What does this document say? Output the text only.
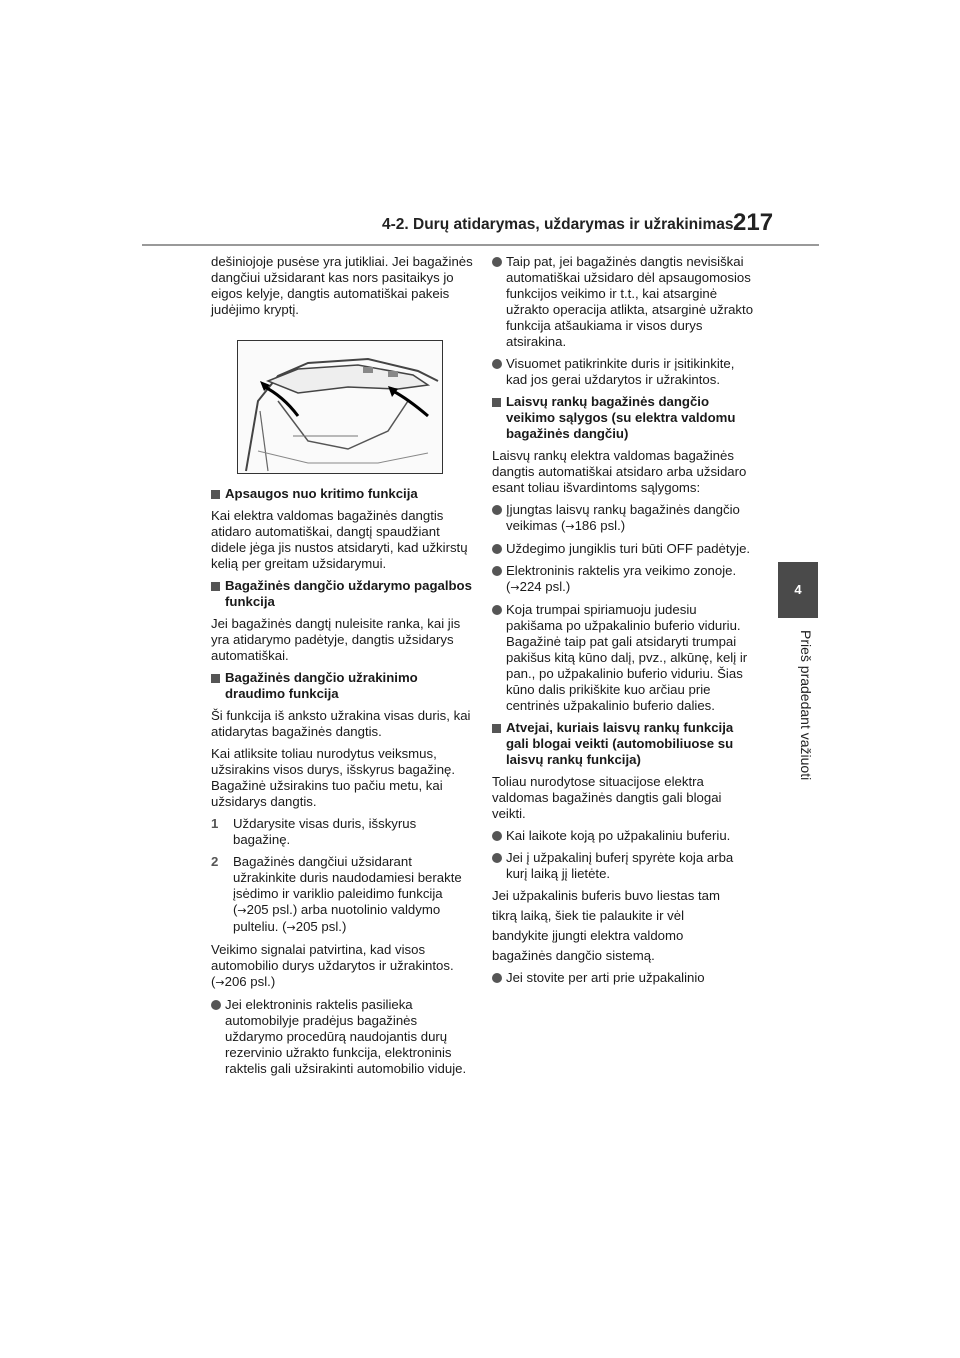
4-2. Durų atidarymas, uždarymas ir užrakinimas 217
4
Prieš pradedant važiuoti

dešiniojoje pusėse yra jutikliai. Jei bagažinės dangčiui užsidarant kas nors pasitaikys jo eigos kelyje, dangtis automatiškai pakeis judėjimo kryptį.

Apsaugos nuo kritimo funkcija

Kai elektra valdomas bagažinės dangtis atidaro automatiškai, dangtį spaudžiant didele jėga jis nustos atsidaryti, kad užkirstų kelią per greitam užsidarymui.

Bagažinės dangčio uždarymo pagalbos funkcija

Jei bagažinės dangtį nuleisite ranka, kai jis yra atidarymo padėtyje, dangtis užsidarys automatiškai.

Bagažinės dangčio užrakinimo draudimo funkcija

Ši funkcija iš anksto užrakina visas duris, kai atidarytas bagažinės dangtis.

Kai atliksite toliau nurodytus veiksmus, užsirakins visos durys, išskyrus bagažinę. Bagažinė užsirakins tuo pačiu metu, kai užsidarys dangtis.

1 Uždarysite visas duris, išskyrus bagažinę.
2 Bagažinės dangčiui užsidarant užrakinkite duris naudodamiesi berakte įsėdimo ir variklio paleidimo funkcija (→205 psl.) arba nuotolinio valdymo pulteliu. (→205 psl.)

Veikimo signalai patvirtina, kad visos automobilio durys uždarytos ir užrakintos. (→206 psl.)

Jei elektroninis raktelis pasilieka automobilyje pradėjus bagažinės uždarymo procedūrą naudojantis durų rezervinio užrakto funkcija, elektroninis raktelis gali užsirakinti automobilio viduje.
Taip pat, jei bagažinės dangtis nevisiškai automatiškai užsidaro dėl apsaugomosios funkcijos veikimo ir t.t., kai atsarginė užrakto operacija atlikta, atsarginė užrakto funkcija atšaukiama ir visos durys atsirakina.
Visuomet patikrinkite duris ir įsitikinkite, kad jos gerai uždarytos ir užrakintos.
Laisvų rankų bagažinės dangčio veikimo sąlygos (su elektra valdomu bagažinės dangčiu)

Laisvų rankų elektra valdomas bagažinės dangtis automatiškai atsidaro arba užsidaro esant toliau išvardintoms sąlygoms:

Įjungtas laisvų rankų bagažinės dangčio veikimas (→186 psl.)
Uždegimo jungiklis turi būti OFF padėtyje.
Elektroninis raktelis yra veikimo zonoje. (→224 psl.)
Koja trumpai spiriamuoju judesiu pakišama po užpakalinio buferio viduriu.
Bagažinė taip pat gali atsidaryti trumpai pakišus kitą kūno dalį, pvz., alkūnę, kelį ir pan., po užpakalinio buferio viduriu. Šias kūno dalis prikiškite kuo arčiau prie centrinės užpakalinio buferio dalies.
Atvejai, kuriais laisvų rankų funkcija gali blogai veikti (automobiliuose su laisvų rankų funkcija)

Toliau nurodytose situacijose elektra valdomas bagažinės dangtis gali blogai veikti.

Kai laikote koją po užpakaliniu buferiu.
Jei į užpakalinį buferį spyrėte koja arba kurį laiką jį lietėte.

Jei užpakalinis buferis buvo liestas tam

tikrą laiką, šiek tie palaukite ir vėl

bandykite įjungti elektra valdomo

bagažinės dangčio sistemą.

Jei stovite per arti prie užpakalinio
